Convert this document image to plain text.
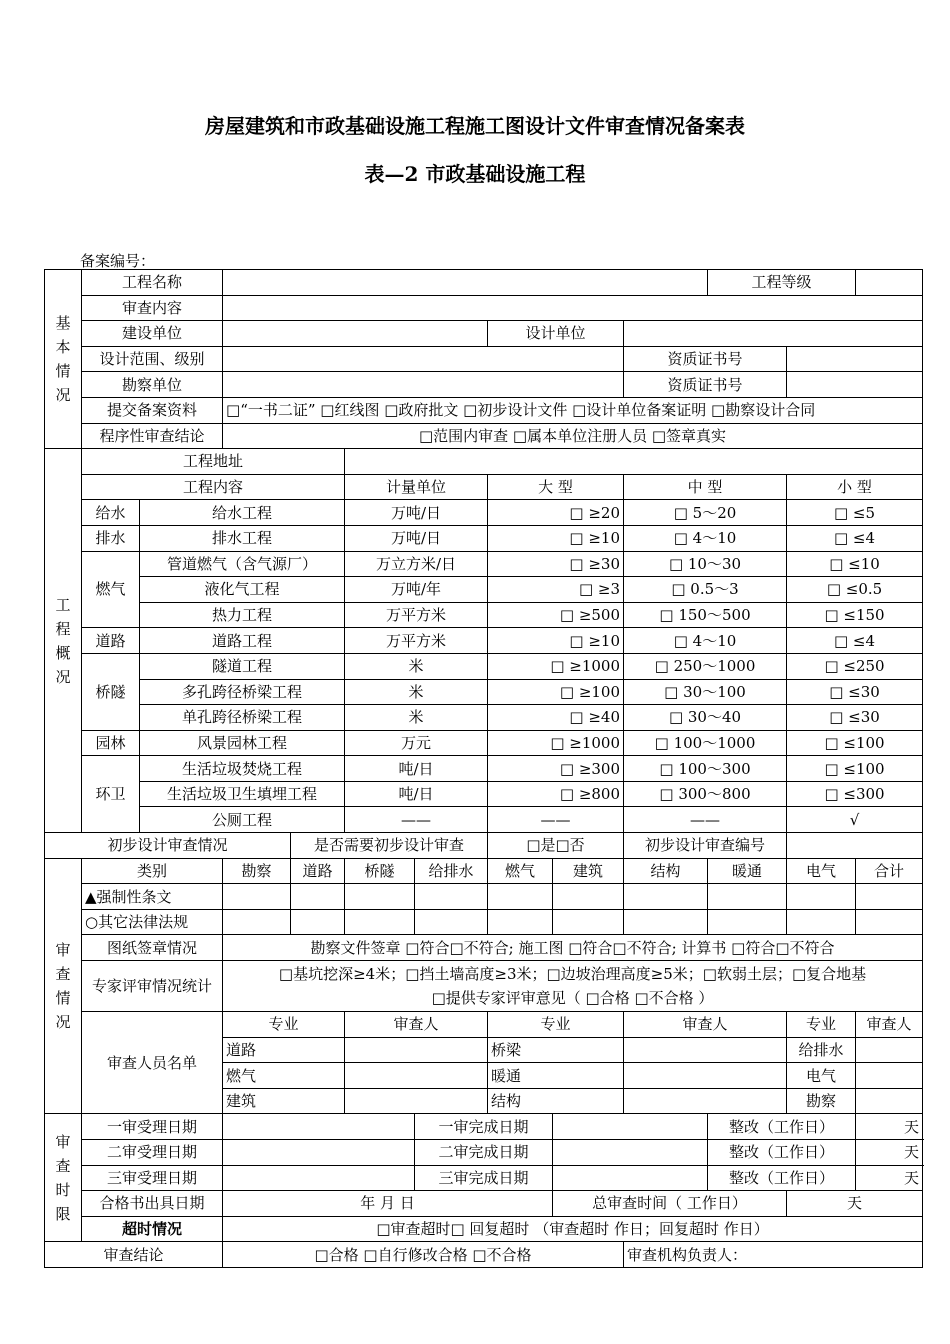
房屋建筑和市政基础设施工程施工图设计文件审查情况备案表
表—2 市政基础设施工程
备案编号：
基
本
情
况	工程名称									工程等级		
	审查内容											
	建设单位						设计单位					
	设计范围、级别								资质证书号			
	勘察单位								资质证书号			
	提交备案资料		□“一书二证” □红线图 □政府批文 □初步设计文件 □设计单位备案证明 □勘察设计合同									
	程序性审查结论		□范围内审查 □属本单位注册人员 □签章真实									

工
程
概
况	工程地址											
	工程内容				计量单位		大 型		中 型		小 型	
	给水	给水工程			万吨/日		□ ≥20		□ 5～20		□ ≤5	
	排水	排水工程			万吨/日		□ ≥10		□ 4～10		□ ≤4	
	燃气	管道燃气（含气源厂）			万立方米/日		□ ≥30		□ 10～30		□ ≤10	
		液化气工程			万吨/年		□ ≥3		□ 0.5～3		□ ≤0.5	
		热力工程			万平方米		□ ≥500		□ 150～500		□ ≤150	
	道路	道路工程			万平方米		□ ≥10		□ 4～10		□ ≤4	
	桥隧	隧道工程			米		□ ≥1000		□ 250～1000		□ ≤250	
		多孔跨径桥梁工程			米		□ ≥100		□ 30～100		□ ≤30	
		单孔跨径桥梁工程			米		□ ≥40		□ 30～40		□ ≤30	
	园林	风景园林工程			万元		□ ≥1000		□ 100～1000		□ ≤100	
	环卫	生活垃圾焚烧工程			吨/日		□ ≥300		□ 100～300		□ ≤100	
		生活垃圾卫生填埋工程			吨/日		□ ≥800		□ 300～800		□ ≤300	
		公厕工程			——		——		——		√	
初步设计审查情况				是否需要初步设计审查			□是□否		初步设计审查编号			

审
查
情
况	类别		勘察	道路	桥隧	给排水	燃气	建筑	结构	暖通	电气	合计
	▲强制性条文											
	○其它法律法规											
	图纸签章情况		勘察文件签章 □符合□不符合; 施工图 □符合□不符合; 计算书 □符合□不符合									
	专家评审情况统计		□基坑挖深≥4米；□挡土墙高度≥3米；□边坡治理高度≥5米；□软弱土层；□复合地基
□提供专家评审意见（ □合格 □不合格 ）									

	审查人员名单		专业		审查人		专业		审查人		专业	审查人
			道路				桥梁				给排水	
			燃气				暖通				电气	
			建筑				结构				勘察	

审
查
时
限	一审受理日期					一审完成日期				整改（工作日）		天
	二审受理日期					二审完成日期				整改（工作日）		天
	三审受理日期					三审完成日期				整改（工作日）		天
	合格书出具日期		年 月 日					总审查时间（ 工作日）			天	
	超时情况		□审查超时□ 回复超时 （审查超时 作日；回复超时 作日）									
审查结论			□合格 □自行修改合格 □不合格						审查机构负责人：			
